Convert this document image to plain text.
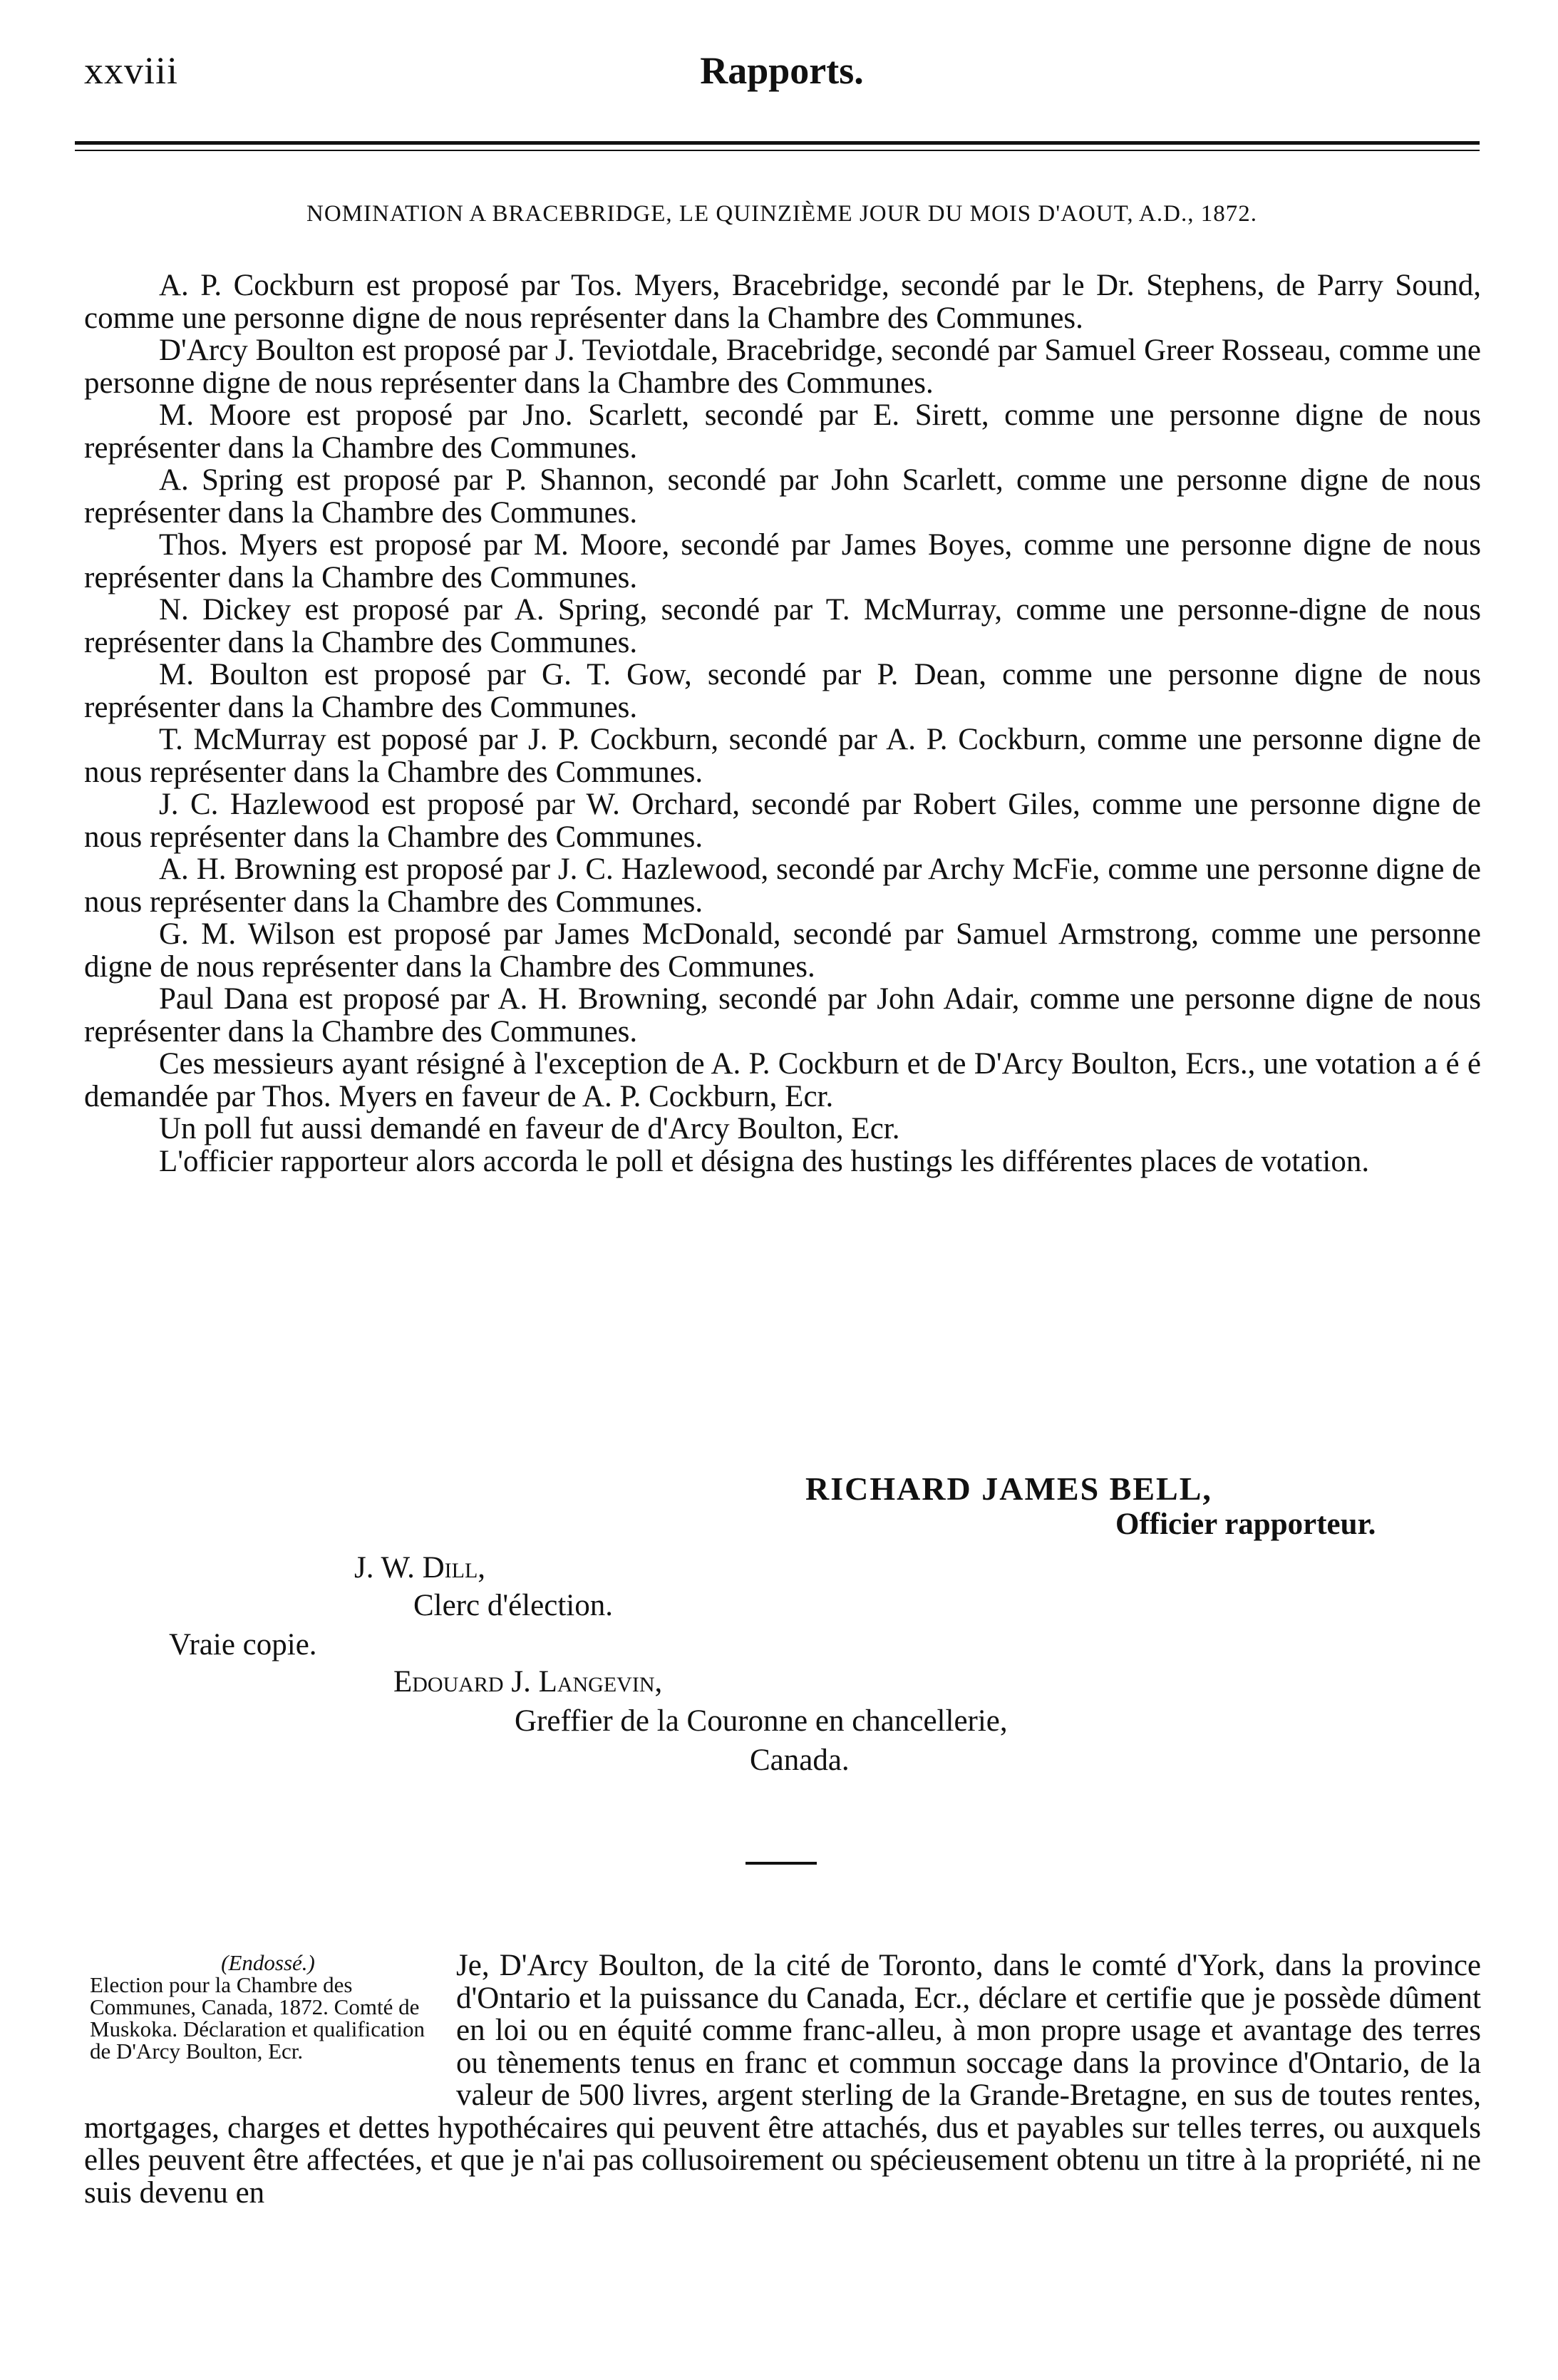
xxviii	Rapports.
NOMINATION A BRACEBRIDGE, LE QUINZIÈME JOUR DU MOIS D'AOUT, A.D., 1872.

A. P. Cockburn est proposé par Tos. Myers, Bracebridge, secondé par le Dr. Stephens, de Parry Sound, comme une personne digne de nous représenter dans la Chambre des Communes.

D'Arcy Boulton est proposé par J. Teviotdale, Bracebridge, secondé par Samuel Greer Rosseau, comme une personne digne de nous représenter dans la Chambre des Communes.

M. Moore est proposé par Jno. Scarlett, secondé par E. Sirett, comme une personne digne de nous représenter dans la Chambre des Communes.

A. Spring est proposé par P. Shannon, secondé par John Scarlett, comme une personne digne de nous représenter dans la Chambre des Communes.

Thos. Myers est proposé par M. Moore, secondé par James Boyes, comme une personne digne de nous représenter dans la Chambre des Communes.

N. Dickey est proposé par A. Spring, secondé par T. McMurray, comme une personne-digne de nous représenter dans la Chambre des Communes.

M. Boulton est proposé par G. T. Gow, secondé par P. Dean, comme une personne digne de nous représenter dans la Chambre des Communes.

T. McMurray est poposé par J. P. Cockburn, secondé par A. P. Cockburn, comme une personne digne de nous représenter dans la Chambre des Communes.

J. C. Hazlewood est proposé par W. Orchard, secondé par Robert Giles, comme une personne digne de nous représenter dans la Chambre des Communes.

A. H. Browning est proposé par J. C. Hazlewood, secondé par Archy McFie, comme une personne digne de nous représenter dans la Chambre des Communes.

G. M. Wilson est proposé par James McDonald, secondé par Samuel Armstrong, comme une personne digne de nous représenter dans la Chambre des Communes.

Paul Dana est proposé par A. H. Browning, secondé par John Adair, comme une personne digne de nous représenter dans la Chambre des Communes.

Ces messieurs ayant résigné à l'exception de A. P. Cockburn et de D'Arcy Boulton, Ecrs., une votation a é é demandée par Thos. Myers en faveur de A. P. Cockburn, Ecr.

Un poll fut aussi demandé en faveur de d'Arcy Boulton, Ecr.

L'officier rapporteur alors accorda le poll et désigna des hustings les différentes places de votation.

RICHARD JAMES BELL,
Officier rapporteur.
J. W. Dill,
Clerc d'élection.
Vraie copie.
Edouard J. Langevin,
Greffier de la Couronne en chancellerie,
Canada.

Je, D'Arcy Boulton, de la cité de Toronto, dans le comté d'York, dans la province d'Ontario et la puissance du Canada, Ecr., déclare et certifie que je possède dûment en loi ou en équité comme franc-alleu, à mon propre usage et avantage des terres ou tènements tenus en franc et commun soccage dans la province d'Ontario, de la valeur de 500 livres, argent sterling de la Grande-Bretagne, en sus de toutes rentes, mortgages, charges et dettes hypothécaires qui peuvent être attachés, dus et payables sur telles terres, ou auxquels elles peuvent être affectées, et que je n'ai pas collusoirement ou spécieusement obtenu un titre à la propriété, ni ne suis devenu en

(Endossé.)
Election pour la Chambre des Communes, Canada, 1872. Comté de Muskoka. Déclaration et qualification de D'Arcy Boulton, Ecr.
